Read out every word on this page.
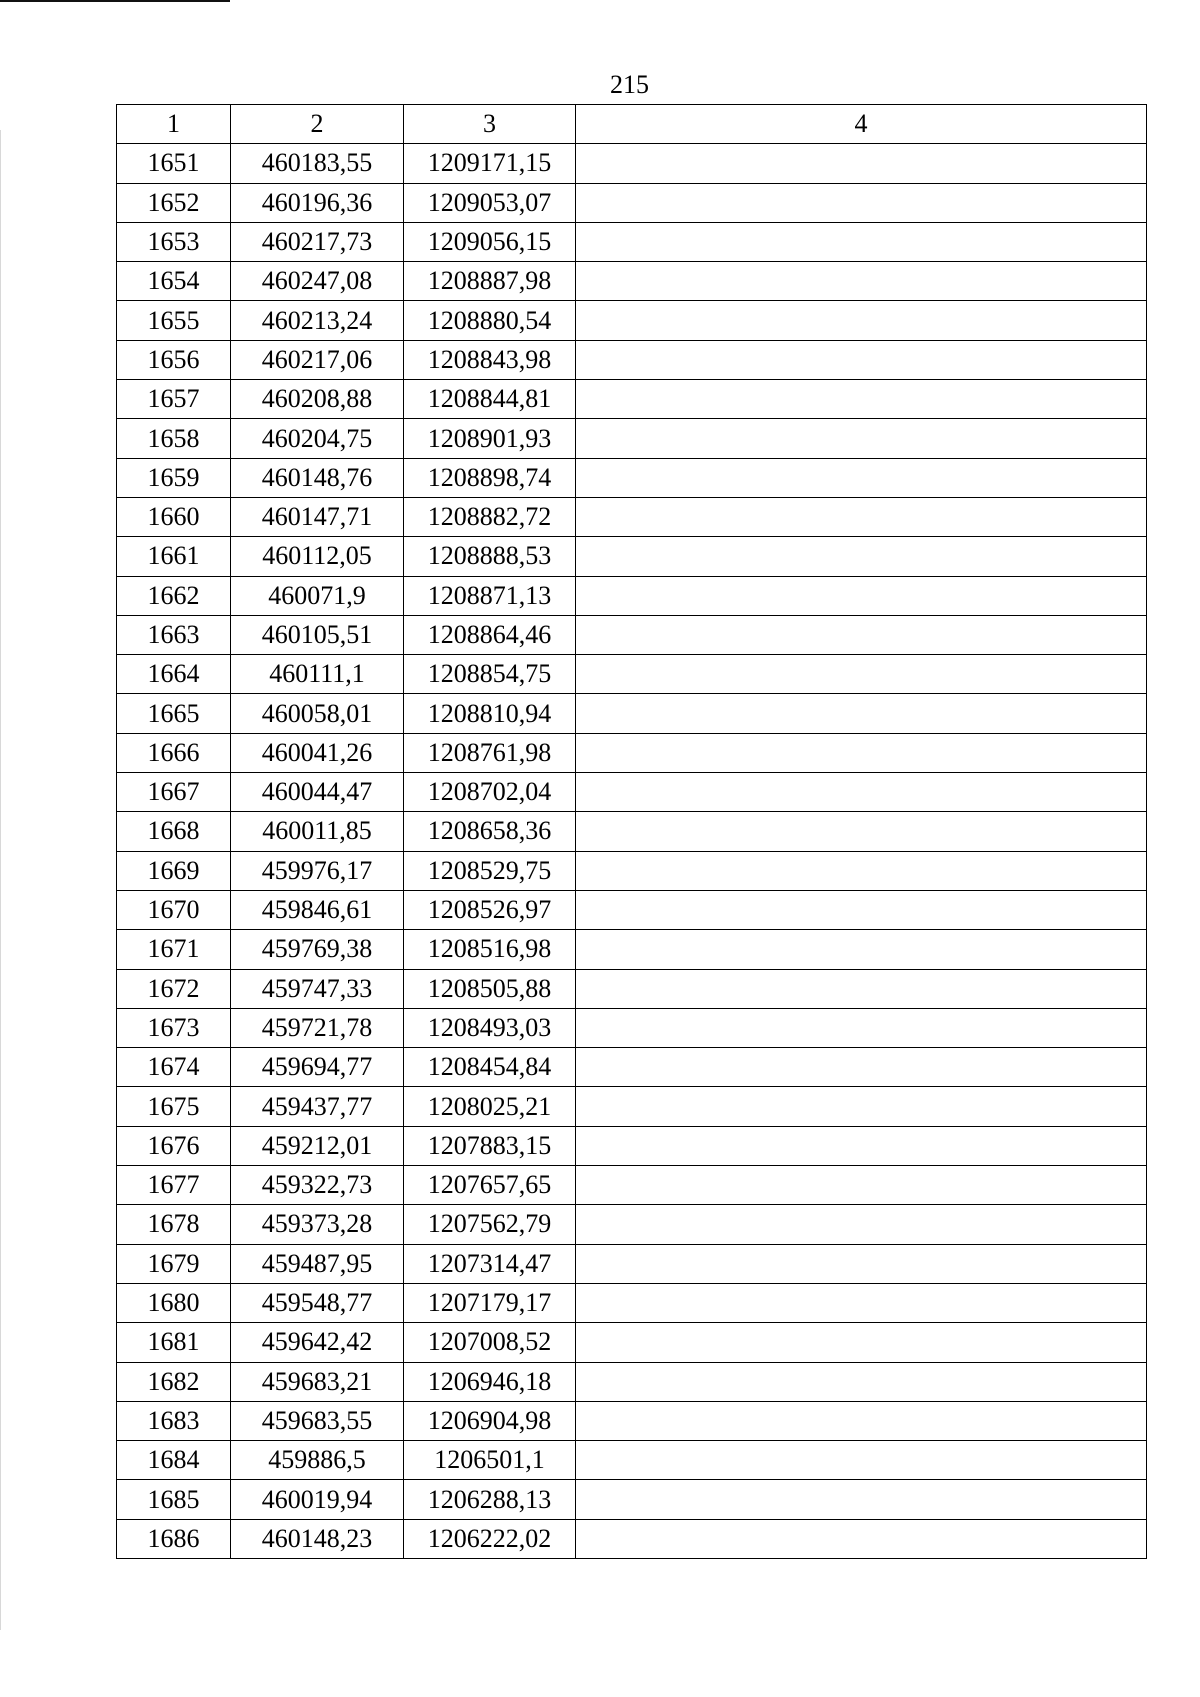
215
1	2	3	4
1651	460183,55	1209171,15	
1652	460196,36	1209053,07	
1653	460217,73	1209056,15	
1654	460247,08	1208887,98	
1655	460213,24	1208880,54	
1656	460217,06	1208843,98	
1657	460208,88	1208844,81	
1658	460204,75	1208901,93	
1659	460148,76	1208898,74	
1660	460147,71	1208882,72	
1661	460112,05	1208888,53	
1662	460071,9	1208871,13	
1663	460105,51	1208864,46	
1664	460111,1	1208854,75	
1665	460058,01	1208810,94	
1666	460041,26	1208761,98	
1667	460044,47	1208702,04	
1668	460011,85	1208658,36	
1669	459976,17	1208529,75	
1670	459846,61	1208526,97	
1671	459769,38	1208516,98	
1672	459747,33	1208505,88	
1673	459721,78	1208493,03	
1674	459694,77	1208454,84	
1675	459437,77	1208025,21	
1676	459212,01	1207883,15	
1677	459322,73	1207657,65	
1678	459373,28	1207562,79	
1679	459487,95	1207314,47	
1680	459548,77	1207179,17	
1681	459642,42	1207008,52	
1682	459683,21	1206946,18	
1683	459683,55	1206904,98	
1684	459886,5	1206501,1	
1685	460019,94	1206288,13	
1686	460148,23	1206222,02	
